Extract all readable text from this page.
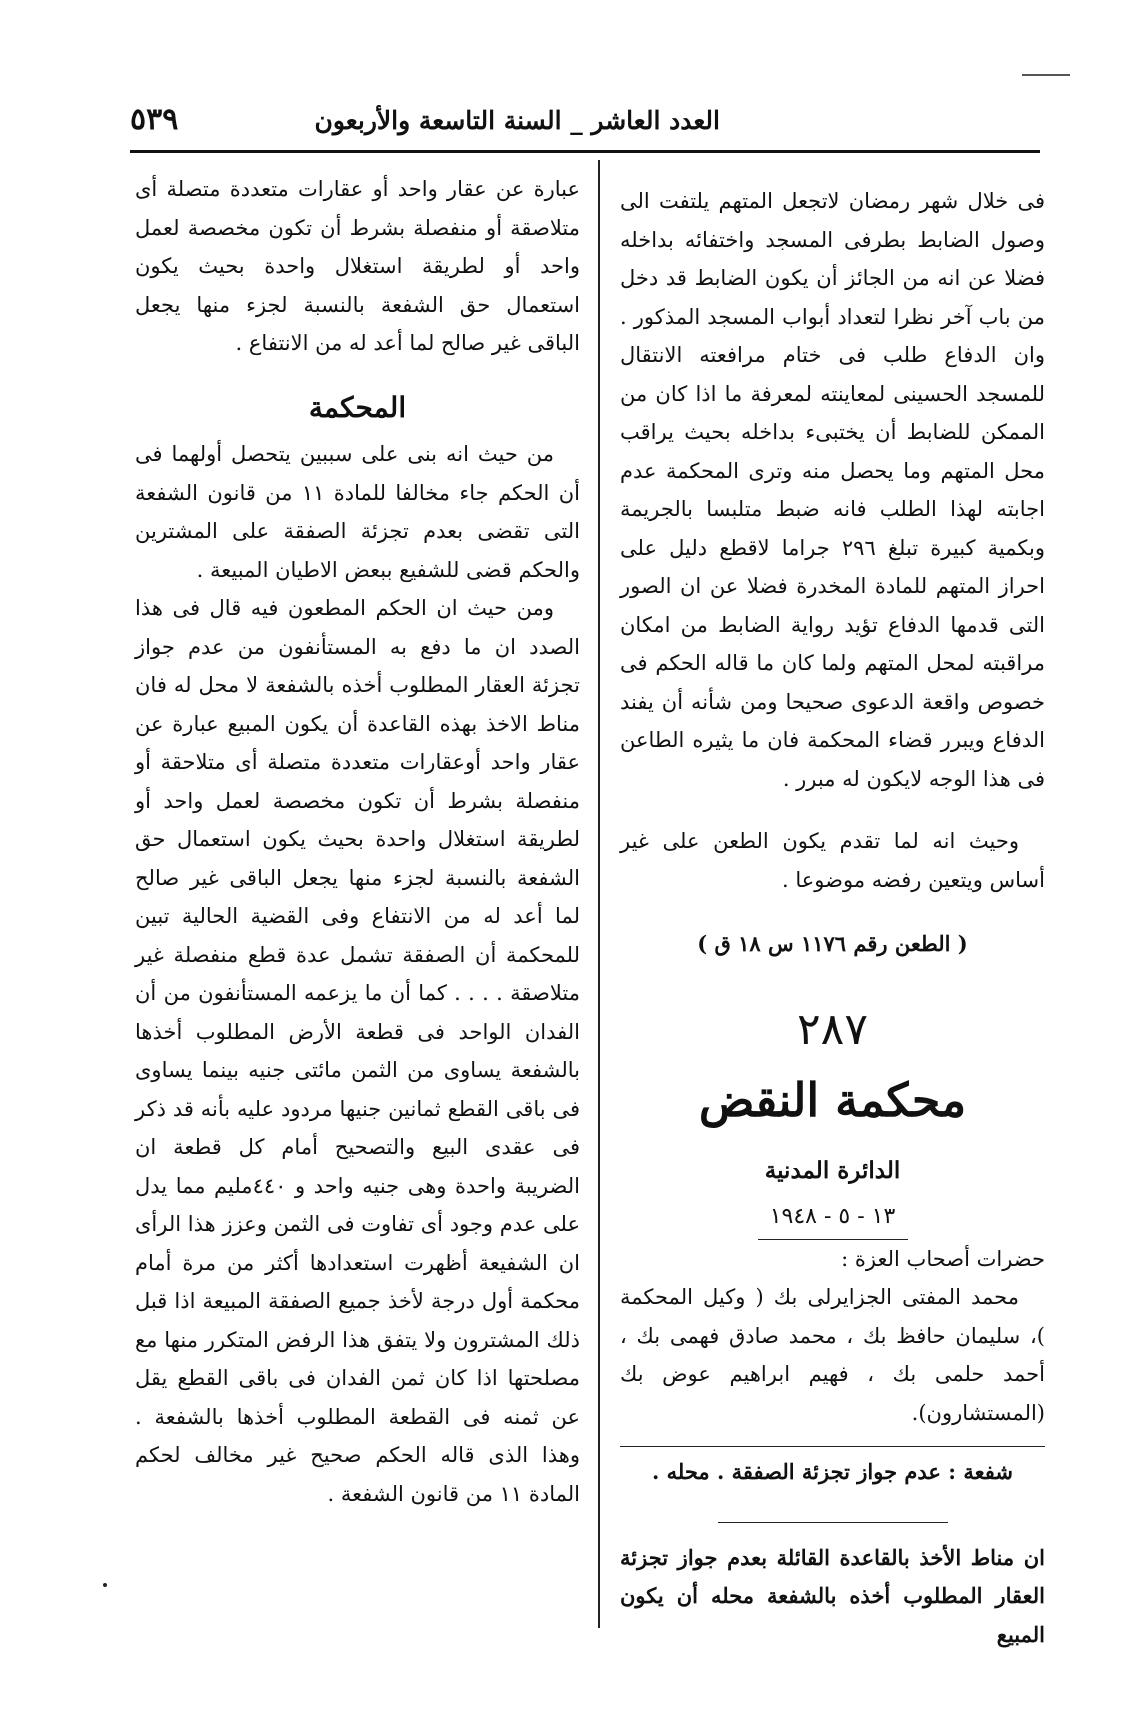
العدد العاشر _ السنة التاسعة والأربعون
٥٣٩

فى خلال شهر رمضان لاتجعل المتهم يلتفت الى وصول الضابط بطرفى المسجد واختفائه بداخله فضلا عن انه من الجائز أن يكون الضابط قد دخل من باب آخر نظرا لتعداد أبواب المسجد المذكور . وان الدفاع طلب فى ختام مرافعته الانتقال للمسجد الحسينى لمعاينته لمعرفة ما اذا كان من الممكن للضابط أن يختبىء بداخله بحيث يراقب محل المتهم وما يحصل منه وترى المحكمة عدم اجابته لهذا الطلب فانه ضبط متلبسا بالجريمة وبكمية كبيرة تبلغ ٢٩٦ جراما لاقطع دليل على احراز المتهم للمادة المخدرة فضلا عن ان الصور التى قدمها الدفاع تؤيد رواية الضابط من امكان مراقبته لمحل المتهم ولما كان ما قاله الحكم فى خصوص واقعة الدعوى صحيحا ومن شأنه أن يفند الدفاع ويبرر قضاء المحكمة فان ما يثيره الطاعن فى هذا الوجه لايكون له مبرر .

وحيث انه لما تقدم يكون الطعن على غير أساس ويتعين رفضه موضوعا .

( الطعن رقم ١١٧٦ س ١٨ ق )
٢٨٧
محكمة النقض
الدائرة المدنية
١٣ - ٥ - ١٩٤٨

حضرات أصحاب العزة :

محمد المفتى الجزايرلى بك ( وكيل المحكمة )، سليمان حافظ بك ، محمد صادق فهمى بك ، أحمد حلمى بك ، فهيم ابراهيم عوض بك (المستشارون).

شفعة : عدم جواز تجزئة الصفقة . محله .

ان مناط الأخذ بالقاعدة القائلة بعدم جواز تجزئة العقار المطلوب أخذه بالشفعة محله أن يكون المبيع

عبارة عن عقار واحد أو عقارات متعددة متصلة أى متلاصقة أو منفصلة بشرط أن تكون مخصصة لعمل واحد أو لطريقة استغلال واحدة بحيث يكون استعمال حق الشفعة بالنسبة لجزء منها يجعل الباقى غير صالح لما أعد له من الانتفاع .

المحكمة

من حيث انه بنى على سببين يتحصل أولهما فى أن الحكم جاء مخالفا للمادة ١١ من قانون الشفعة التى تقضى بعدم تجزئة الصفقة على المشترين والحكم قضى للشفيع ببعض الاطيان المبيعة .

ومن حيث ان الحكم المطعون فيه قال فى هذا الصدد ان ما دفع به المستأنفون من عدم جواز تجزئة العقار المطلوب أخذه بالشفعة لا محل له فان مناط الاخذ بهذه القاعدة أن يكون المبيع عبارة عن عقار واحد أوعقارات متعددة متصلة أى متلاحقة أو منفصلة بشرط أن تكون مخصصة لعمل واحد أو لطريقة استغلال واحدة بحيث يكون استعمال حق الشفعة بالنسبة لجزء منها يجعل الباقى غير صالح لما أعد له من الانتفاع وفى القضية الحالية تبين للمحكمة أن الصفقة تشمل عدة قطع منفصلة غير متلاصقة . . . . كما أن ما يزعمه المستأنفون من أن الفدان الواحد فى قطعة الأرض المطلوب أخذها بالشفعة يساوى من الثمن مائتى جنيه بينما يساوى فى باقى القطع ثمانين جنيها مردود عليه بأنه قد ذكر فى عقدى البيع والتصحيح أمام كل قطعة ان الضريبة واحدة وهى جنيه واحد و ٤٤٠مليم مما يدل على عدم وجود أى تفاوت فى الثمن وعزز هذا الرأى ان الشفيعة أظهرت استعدادها أكثر من مرة أمام محكمة أول درجة لأخذ جميع الصفقة المبيعة اذا قبل ذلك المشترون ولا يتفق هذا الرفض المتكرر منها مع مصلحتها اذا كان ثمن الفدان فى باقى القطع يقل عن ثمنه فى القطعة المطلوب أخذها بالشفعة . وهذا الذى قاله الحكم صحيح غير مخالف لحكم المادة ١١ من قانون الشفعة .
